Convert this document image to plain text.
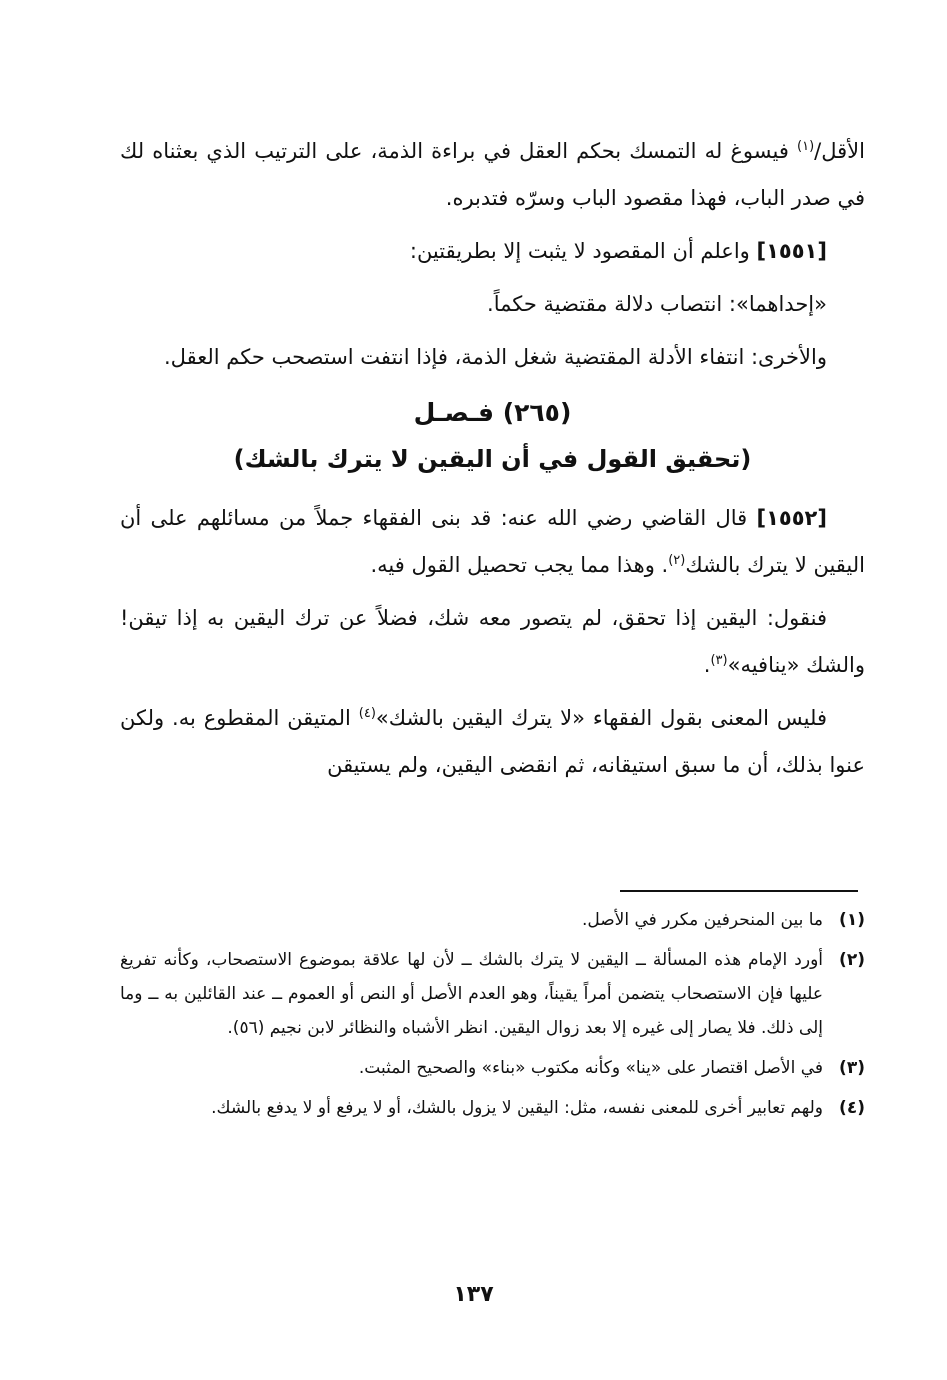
الأقل/$^{(١)}$ فيسوغ له التمسك بحكم العقل في براءة الذمة، على الترتيب الذي بعثناه لك في صدر الباب، فهذا مقصود الباب وسرّه فتدبره.

[١٥٥١] واعلم أن المقصود لا يثبت إلا بطريقتين:

«إحداهما»: انتصاب دلالة مقتضية حكماً.

والأخرى: انتفاء الأدلة المقتضية شغل الذمة، فإذا انتفت استصحب حكم العقل.

(٢٦٥) فـصـل
(تحقيق القول في أن اليقين لا يترك بالشك)

[١٥٥٢] قال القاضي رضي الله عنه: قد بنى الفقهاء جملاً من مسائلهم على أن اليقين لا يترك بالشك$^{(٢)}$. وهذا مما يجب تحصيل القول فيه.

فنقول: اليقين إذا تحقق، لم يتصور معه شك، فضلاً عن ترك اليقين به إذا تيقن! والشك «ينافيه»$^{(٣)}$.

فليس المعنى بقول الفقهاء «لا يترك اليقين بالشك»$^{(٤)}$ المتيقن المقطوع به. ولكن عنوا بذلك، أن ما سبق استيقانه، ثم انقضى اليقين، ولم يستيقن

(١)
ما بين المنحرفين مكرر في الأصل.
(٢)
أورد الإمام هذه المسألة ــ اليقين لا يترك بالشك ــ لأن لها علاقة بموضوع الاستصحاب، وكأنه تفريغ عليها فإن الاستصحاب يتضمن أمراً يقيناً، وهو العدم الأصل أو النص أو العموم ــ عند القائلين به ــ وما إلى ذلك. فلا يصار إلى غيره إلا بعد زوال اليقين. انظر الأشباه والنظائر لابن نجيم (٥٦).
(٣)
في الأصل اقتصار على «ينا» وكأنه مكتوب «بناء» والصحيح المثبت.
(٤)
ولهم تعابير أخرى للمعنى نفسه، مثل: اليقين لا يزول بالشك، أو لا يرفع أو لا يدفع بالشك.
١٣٧
